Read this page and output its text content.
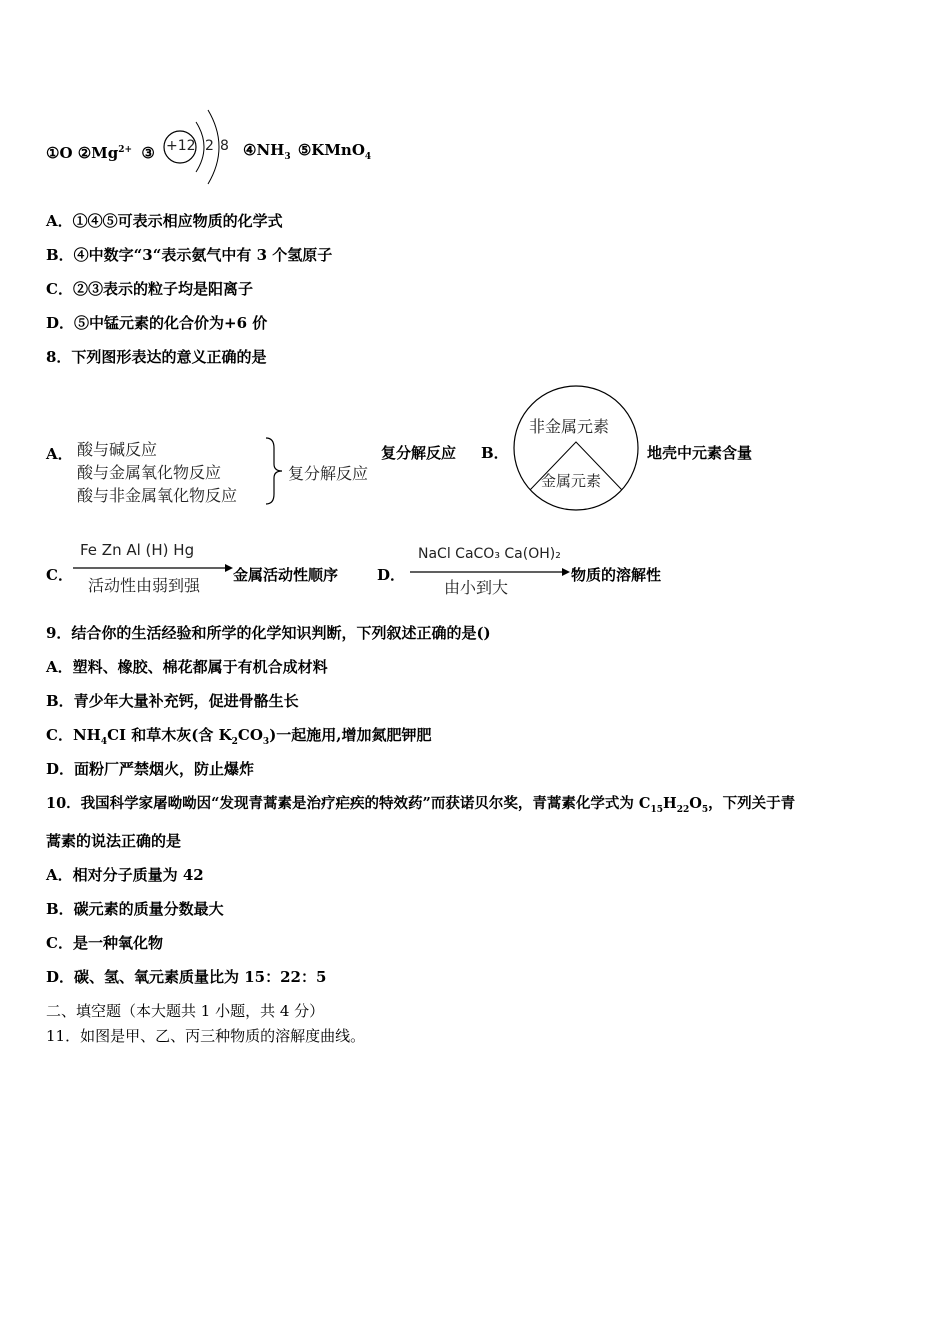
①O $②Mg^{2+}$ ③ +12 2 8 $④NH_3$ ⑤KMnO$_4$
A．①④⑤可表示相应物质的化学式
B．④中数字“3“表示氨气中有 3 个氢原子
C．②③表示的粒子均是阳离子
D．⑤中锰元素的化合价为+6 价
8．下列图形表达的意义正确的是
A． 酸与碱反应
酸与金属氧化物反应
酸与非金属氧化物反应
复分解反应
复分解反应 B．
非金属元素
金属元素
地壳中元素含量
C．
Fe Zn Al (H) Hg
活动性由弱到强
金属活动性顺序	D．
NaCl CaCO₃ Ca(OH)₂
由小到大
物质的溶解性
9．结合你的生活经验和所学的化学知识判断，下列叙述正确的是()
A．塑料、橡胶、棉花都属于有机合成材料
B．青少年大量补充钙，促进骨骼生长
C．$NH_4CI$ 和草木灰(含 $K_2CO_3$)一起施用,增加氮肥钾肥
D．面粉厂严禁烟火，防止爆炸
10．我国科学家屠呦呦因“发现青蒿素是治疗疟疾的特效药”而获诺贝尔奖，青蒿素化学式为 $C_{15}H_{22}O_5$，下列关于青
蒿素的说法正确的是
A．相对分子质量为 42
B．碳元素的质量分数最大
C．是一种氧化物
D．碳、氢、氧元素质量比为 15：22：5
二、填空题（本大题共 1 小题，共 4 分）
11．如图是甲、乙、丙三种物质的溶解度曲线。
